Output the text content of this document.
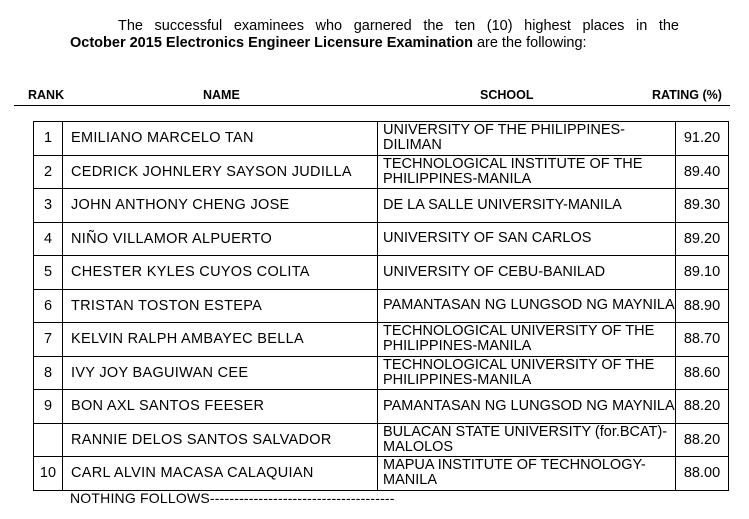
The successful examinees who garnered the ten (10) highest places in the
October 2015 Electronics Engineer Licensure Examination are the following:
RANK	NAME	SCHOOL	RATING (%)
1	EMILIANO MARCELO TAN	UNIVERSITY OF THE PHILIPPINES-DILIMAN	91.20
2	CEDRICK JOHNLERY SAYSON JUDILLA	TECHNOLOGICAL INSTITUTE OF THE PHILIPPINES-MANILA	89.40
3	JOHN ANTHONY CHENG JOSE	DE LA SALLE UNIVERSITY-MANILA	89.30
4	NIÑO VILLAMOR ALPUERTO	UNIVERSITY OF SAN CARLOS	89.20
5	CHESTER KYLES CUYOS COLITA	UNIVERSITY OF CEBU-BANILAD	89.10
6	TRISTAN TOSTON ESTEPA	PAMANTASAN NG LUNGSOD NG MAYNILA	88.90
7	KELVIN RALPH AMBAYEC BELLA	TECHNOLOGICAL UNIVERSITY OF THE PHILIPPINES-MANILA	88.70
8	IVY JOY BAGUIWAN CEE	TECHNOLOGICAL UNIVERSITY OF THE PHILIPPINES-MANILA	88.60
9	BON AXL SANTOS FEESER	PAMANTASAN NG LUNGSOD NG MAYNILA	88.20
	RANNIE DELOS SANTOS SALVADOR	BULACAN STATE UNIVERSITY (for.BCAT)-MALOLOS	88.20
10	CARL ALVIN MACASA CALAQUIAN	MAPUA INSTITUTE OF TECHNOLOGY-MANILA	88.00
NOTHING FOLLOWS--------------------------------------
